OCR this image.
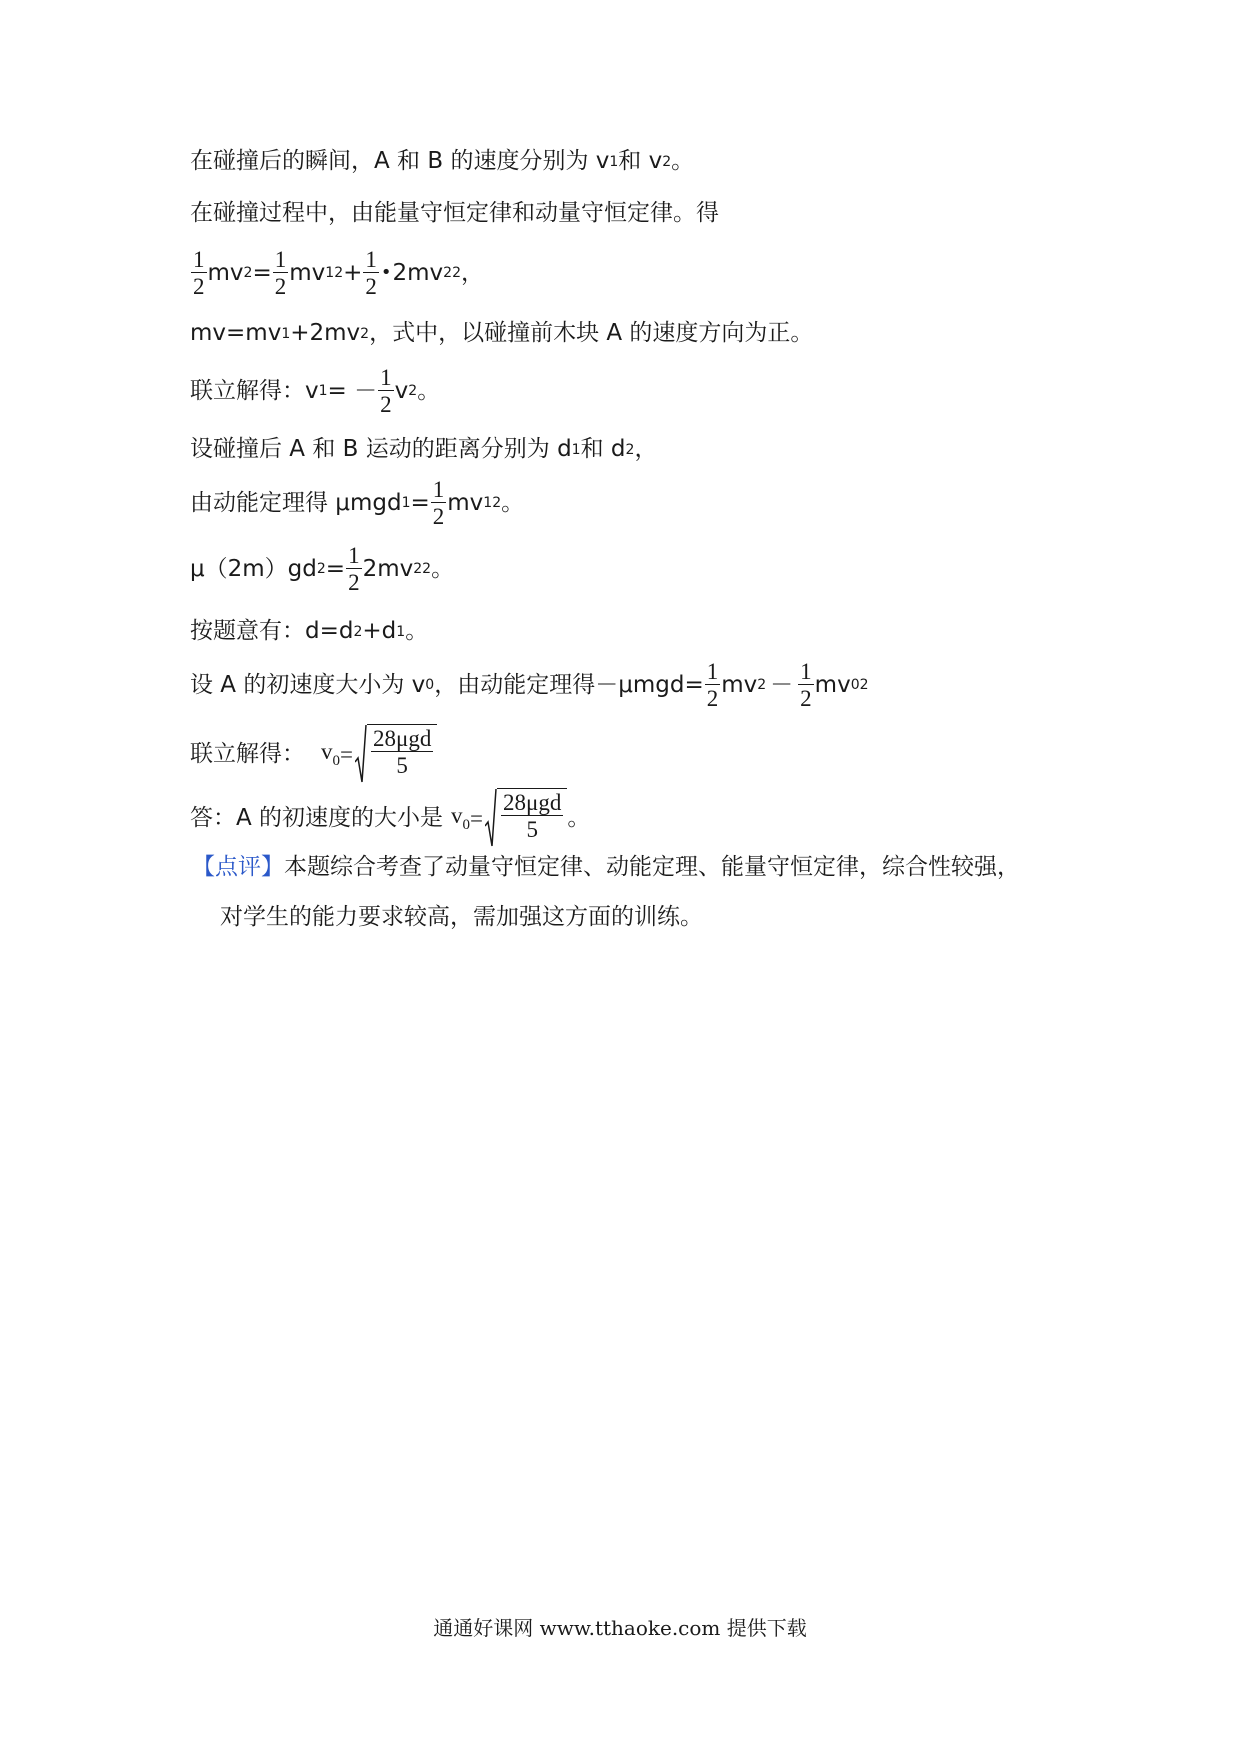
在碰撞后的瞬间，A 和 B 的速度分别为 v 1 和 v 2 。
在碰撞过程中，由能量守恒定律和动量守恒定律。得
$\frac{1}{2}$ mv $2 = \frac{1}{2}$ mv 1 $2 + \frac{1}{2}$ • 2mv 2 2 ，
mv=mv 1 +2mv 2 ，式中，以碰撞前木块 A 的速度方向为正。
联立解得：v 1 = － $\frac{1}{2}$ v 2 。
设碰撞后 A 和 B 运动的距离分别为 d 1 和 d 2 ，
由动能定理得 μmgd $1 = \frac{1}{2}$ mv 1 2 。
μ（2m）gd $2 = \frac{1}{2} 2mv$ 2 2 。
按题意有：d=d 2 +d 1 。
设 A 的初速度大小为 v 0 ，由动能定理得$-\mu mgd= \frac{1}{2}$ mv $2 - \frac{1}{2}$ mv 0 2
联立解得： $v_0$ =
28μgd
5
答：A 的初速度的大小是 $v_0$ =
28μgd
5 。
【点评】 本题综合考查了动量守恒定律、动能定理、能量守恒定律，综合性较强，
对学生的能力要求较高，需加强这方面的训练。
通通好课网 www.tthaoke.com 提供下载
